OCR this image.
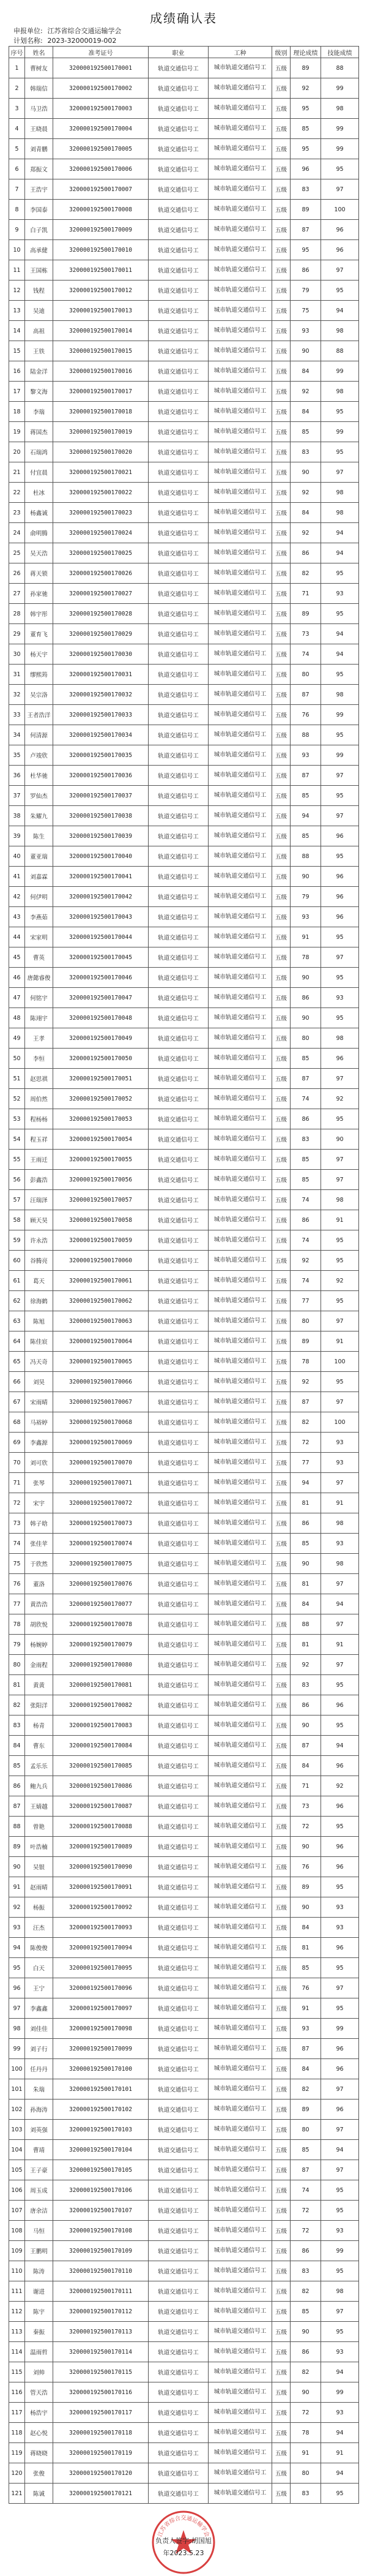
成绩确认表
申报单位: 江苏省综合交通运输学会
计划名称: 2023-32000019-002
序号	姓名	准考证号	职业	工种	级别	理论成绩	技能成绩
1	曹树友	320000192500170001	轨道交通信号工	城市轨道交通信号工	五级	89	88
2	韩瑞信	320000192500170002	轨道交通信号工	城市轨道交通信号工	五级	92	99
3	马卫浩	320000192500170003	轨道交通信号工	城市轨道交通信号工	五级	95	98
4	王晓晨	320000192500170004	轨道交通信号工	城市轨道交通信号工	五级	85	99
5	刘青鹏	320000192500170005	轨道交通信号工	城市轨道交通信号工	五级	95	99
6	郑振文	320000192500170006	轨道交通信号工	城市轨道交通信号工	五级	96	95
7	王浩宇	320000192500170007	轨道交通信号工	城市轨道交通信号工	五级	83	97
8	李国泰	320000192500170008	轨道交通信号工	城市轨道交通信号工	五级	89	100
9	白子凯	320000192500170009	轨道交通信号工	城市轨道交通信号工	五级	87	96
10	高承健	320000192500170010	轨道交通信号工	城市轨道交通信号工	五级	95	96
11	王国栋	320000192500170011	轨道交通信号工	城市轨道交通信号工	五级	86	97
12	钱程	320000192500170012	轨道交通信号工	城市轨道交通信号工	五级	79	95
13	吴迪	320000192500170013	轨道交通信号工	城市轨道交通信号工	五级	75	94
14	高祖	320000192500170014	轨道交通信号工	城市轨道交通信号工	五级	93	98
15	王铁	320000192500170015	轨道交通信号工	城市轨道交通信号工	五级	90	88
16	陆金洋	320000192500170016	轨道交通信号工	城市轨道交通信号工	五级	84	99
17	黎文海	320000192500170017	轨道交通信号工	城市轨道交通信号工	五级	92	98
18	李瑞	320000192500170018	轨道交通信号工	城市轨道交通信号工	五级	84	95
19	蒋国杰	320000192500170019	轨道交通信号工	城市轨道交通信号工	五级	85	99
20	石瑞鸿	320000192500170020	轨道交通信号工	城市轨道交通信号工	五级	83	95
21	付宜晨	320000192500170021	轨道交通信号工	城市轨道交通信号工	五级	90	97
22	杜冰	320000192500170022	轨道交通信号工	城市轨道交通信号工	五级	92	98
23	杨鑫诚	320000192500170023	轨道交通信号工	城市轨道交通信号工	五级	84	98
24	俞明腾	320000192500170024	轨道交通信号工	城市轨道交通信号工	五级	92	94
25	吴天浩	320000192500170025	轨道交通信号工	城市轨道交通信号工	五级	86	94
26	蒋天锁	320000192500170026	轨道交通信号工	城市轨道交通信号工	五级	82	95
27	孙家驰	320000192500170027	轨道交通信号工	城市轨道交通信号工	五级	71	93
28	韩宇彤	320000192500170028	轨道交通信号工	城市轨道交通信号工	五级	89	95
29	董育飞	320000192500170029	轨道交通信号工	城市轨道交通信号工	五级	73	94
30	杨天宇	320000192500170030	轨道交通信号工	城市轨道交通信号工	五级	74	94
31	缪熙筠	320000192500170031	轨道交通信号工	城市轨道交通信号工	五级	80	95
32	吴宗洛	320000192500170032	轨道交通信号工	城市轨道交通信号工	五级	87	98
33	王者浩洋	320000192500170033	轨道交通信号工	城市轨道交通信号工	五级	76	99
34	何清源	320000192500170034	轨道交通信号工	城市轨道交通信号工	五级	88	95
35	卢竣欣	320000192500170035	轨道交通信号工	城市轨道交通信号工	五级	93	99
36	杜华驰	320000192500170036	轨道交通信号工	城市轨道交通信号工	五级	87	97
37	罗仙杰	320000192500170037	轨道交通信号工	城市轨道交通信号工	五级	85	95
38	朱耀九	320000192500170038	轨道交通信号工	城市轨道交通信号工	五级	94	97
39	陈生	320000192500170039	轨道交通信号工	城市轨道交通信号工	五级	85	96
40	董亚瑞	320000192500170040	轨道交通信号工	城市轨道交通信号工	五级	88	95
41	刘嘉霖	320000192500170041	轨道交通信号工	城市轨道交通信号工	五级	90	96
42	何伊明	320000192500170042	轨道交通信号工	城市轨道交通信号工	五级	79	96
43	李燕茹	320000192500170043	轨道交通信号工	城市轨道交通信号工	五级	93	96
44	宋家明	320000192500170044	轨道交通信号工	城市轨道交通信号工	五级	91	95
45	曹英	320000192500170045	轨道交通信号工	城市轨道交通信号工	五级	78	97
46	唐懿睿俊	320000192500170046	轨道交通信号工	城市轨道交通信号工	五级	90	95
47	何铭宇	320000192500170047	轨道交通信号工	城市轨道交通信号工	五级	86	93
48	陈翊宇	320000192500170048	轨道交通信号工	城市轨道交通信号工	五级	90	95
49	王孝	320000192500170049	轨道交通信号工	城市轨道交通信号工	五级	80	98
50	李恒	320000192500170050	轨道交通信号工	城市轨道交通信号工	五级	85	96
51	赵思祺	320000192500170051	轨道交通信号工	城市轨道交通信号工	五级	87	97
52	周伯然	320000192500170052	轨道交通信号工	城市轨道交通信号工	五级	74	92
53	程杨杨	320000192500170053	轨道交通信号工	城市轨道交通信号工	五级	86	95
54	程玉祥	320000192500170054	轨道交通信号工	城市轨道交通信号工	五级	83	90
55	王雨迁	320000192500170055	轨道交通信号工	城市轨道交通信号工	五级	85	97
56	彭鑫浩	320000192500170056	轨道交通信号工	城市轨道交通信号工	五级	85	97
57	汪瑞泽	320000192500170057	轨道交通信号工	城市轨道交通信号工	五级	74	98
58	顾天昊	320000192500170058	轨道交通信号工	城市轨道交通信号工	五级	86	91
59	许永浩	320000192500170059	轨道交通信号工	城市轨道交通信号工	五级	74	95
60	谷腾亮	320000192500170060	轨道交通信号工	城市轨道交通信号工	五级	92	95
61	葛天	320000192500170061	轨道交通信号工	城市轨道交通信号工	五级	74	92
62	徐海鹤	320000192500170062	轨道交通信号工	城市轨道交通信号工	五级	77	95
63	陈旭	320000192500170063	轨道交通信号工	城市轨道交通信号工	五级	80	97
64	陈佳宸	320000192500170064	轨道交通信号工	城市轨道交通信号工	五级	89	91
65	冯天奇	320000192500170065	轨道交通信号工	城市轨道交通信号工	五级	78	100
66	刘昊	320000192500170066	轨道交通信号工	城市轨道交通信号工	五级	92	95
67	宋雨晴	320000192500170067	轨道交通信号工	城市轨道交通信号工	五级	87	97
68	马裕婷	320000192500170068	轨道交通信号工	城市轨道交通信号工	五级	82	100
69	李鑫源	320000192500170069	轨道交通信号工	城市轨道交通信号工	五级	72	93
70	刘可欣	320000192500170070	轨道交通信号工	城市轨道交通信号工	五级	77	93
71	张琴	320000192500170071	轨道交通信号工	城市轨道交通信号工	五级	94	97
72	宋宇	320000192500170072	轨道交通信号工	城市轨道交通信号工	五级	81	91
73	韩子晗	320000192500170073	轨道交通信号工	城市轨道交通信号工	五级	86	98
74	张佳苹	320000192500170074	轨道交通信号工	城市轨道交通信号工	五级	85	93
75	于欣然	320000192500170075	轨道交通信号工	城市轨道交通信号工	五级	90	98
76	董洛	320000192500170076	轨道交通信号工	城市轨道交通信号工	五级	81	97
77	黄浩浩	320000192500170077	轨道交通信号工	城市轨道交通信号工	五级	84	94
78	胡欣悦	320000192500170078	轨道交通信号工	城市轨道交通信号工	五级	88	97
79	杨婉婷	320000192500170079	轨道交通信号工	城市轨道交通信号工	五级	81	91
80	金雨程	320000192500170080	轨道交通信号工	城市轨道交通信号工	五级	92	97
81	黄黄	320000192500170081	轨道交通信号工	城市轨道交通信号工	五级	83	95
82	张阳洋	320000192500170082	轨道交通信号工	城市轨道交通信号工	五级	86	96
83	杨青	320000192500170083	轨道交通信号工	城市轨道交通信号工	五级	90	95
84	曹东	320000192500170084	轨道交通信号工	城市轨道交通信号工	五级	87	94
85	孟乐乐	320000192500170085	轨道交通信号工	城市轨道交通信号工	五级	84	96
86	鲍九兵	320000192500170086	轨道交通信号工	城市轨道交通信号工	五级	71	92
87	王婧越	320000192500170087	轨道交通信号工	城市轨道交通信号工	五级	73	96
88	曾艳	320000192500170088	轨道交通信号工	城市轨道交通信号工	五级	72	95
89	叶浩楠	320000192500170089	轨道交通信号工	城市轨道交通信号工	五级	90	96
90	吴银	320000192500170090	轨道交通信号工	城市轨道交通信号工	五级	76	96
91	赵雨晴	320000192500170091	轨道交通信号工	城市轨道交通信号工	五级	89	95
92	杨振	320000192500170092	轨道交通信号工	城市轨道交通信号工	五级	90	93
93	汪杰	320000192500170093	轨道交通信号工	城市轨道交通信号工	五级	84	93
94	陈俊俊	320000192500170094	轨道交通信号工	城市轨道交通信号工	五级	81	96
95	白天	320000192500170095	轨道交通信号工	城市轨道交通信号工	五级	85	95
96	王宁	320000192500170096	轨道交通信号工	城市轨道交通信号工	五级	76	97
97	李鑫鑫	320000192500170097	轨道交通信号工	城市轨道交通信号工	五级	91	95
98	刘佳佳	320000192500170098	轨道交通信号工	城市轨道交通信号工	五级	93	99
99	刘子行	320000192500170099	轨道交通信号工	城市轨道交通信号工	五级	87	96
100	任丹丹	320000192500170100	轨道交通信号工	城市轨道交通信号工	五级	84	96
101	朱瑞	320000192500170101	轨道交通信号工	城市轨道交通信号工	五级	82	97
102	孙海涛	320000192500170102	轨道交通信号工	城市轨道交通信号工	五级	89	96
103	刘英强	320000192500170103	轨道交通信号工	城市轨道交通信号工	五级	80	97
104	曹靖	320000192500170104	轨道交通信号工	城市轨道交通信号工	五级	85	94
105	王子豪	320000192500170105	轨道交通信号工	城市轨道交通信号工	五级	87	97
106	周玉成	320000192500170106	轨道交通信号工	城市轨道交通信号工	五级	74	95
107	唐余洁	320000192500170107	轨道交通信号工	城市轨道交通信号工	五级	72	95
108	马恒	320000192500170108	轨道交通信号工	城市轨道交通信号工	五级	72	93
109	王鹏明	320000192500170109	轨道交通信号工	城市轨道交通信号工	五级	86	99
110	陈涛	320000192500170110	轨道交通信号工	城市轨道交通信号工	五级	83	95
111	谢进	320000192500170111	轨道交通信号工	城市轨道交通信号工	五级	82	98
112	陈宇	320000192500170112	轨道交通信号工	城市轨道交通信号工	五级	85	97
113	秦振	320000192500170113	轨道交通信号工	城市轨道交通信号工	五级	90	95
114	温雨哲	320000192500170114	轨道交通信号工	城市轨道交通信号工	五级	86	93
115	刘帅	320000192500170115	轨道交通信号工	城市轨道交通信号工	五级	82	94
116	管天浩	320000192500170116	轨道交通信号工	城市轨道交通信号工	五级	90	99
117	杨浩宇	320000192500170117	轨道交通信号工	城市轨道交通信号工	五级	72	93
118	赵心悦	320000192500170118	轨道交通信号工	城市轨道交通信号工	五级	78	94
119	蒋晓晓	320000192500170119	轨道交通信号工	城市轨道交通信号工	五级	91	91
120	张俊	320000192500170120	轨道交通信号工	城市轨道交通信号工	五级	80	94
121	陈诚	320000192500170121	轨道交通信号工	城市轨道交通信号工	五级	83	95
江苏省综合交通运输学会
负责人签字:胡国旭
年2023.5.23
